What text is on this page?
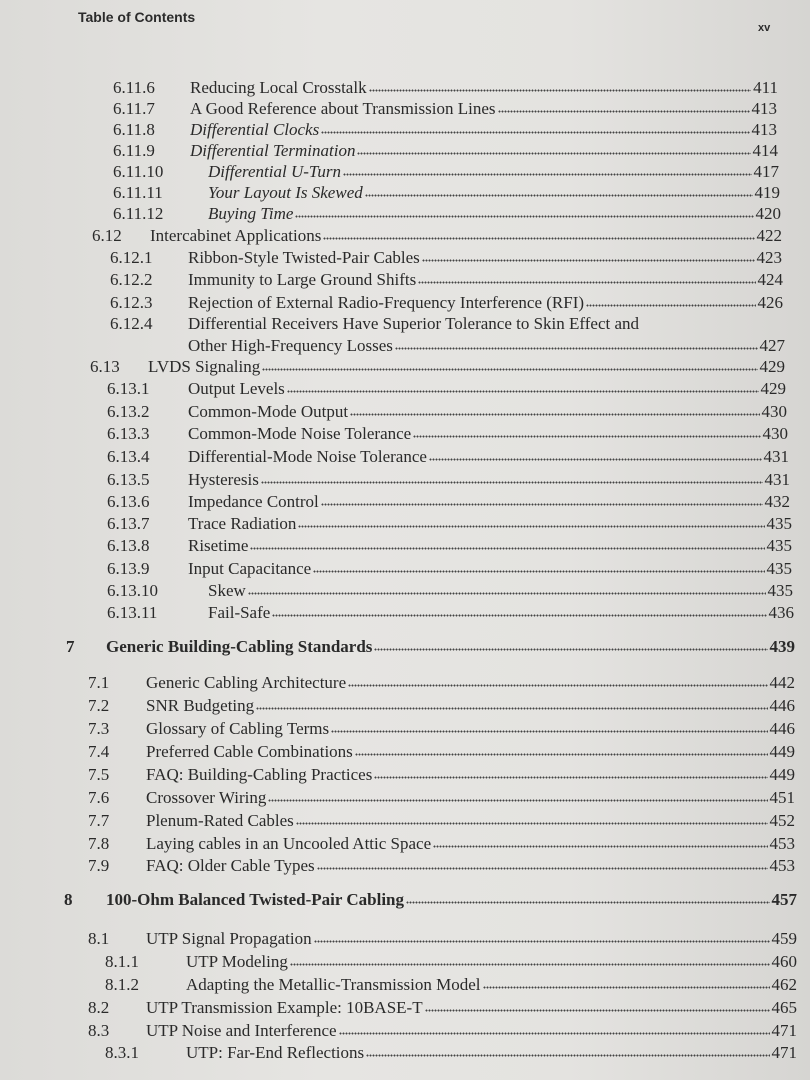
Table of Contents
xv
6.11.6 Reducing Local Crosstalk	411
6.11.7 A Good Reference about Transmission Lines	413
6.11.8 Differential Clocks	413
6.11.9 Differential Termination	414
6.11.10	Differential U-Turn	417
6.11.11	Your Layout Is Skewed	419
6.11.12	Buying Time	420
6.12 Intercabinet Applications	422
6.12.1 Ribbon-Style Twisted-Pair Cables	423
6.12.2 Immunity to Large Ground Shifts	424
6.12.3 Rejection of External Radio-Frequency Interference (RFI)	426
6.12.4 Differential Receivers Have Superior Tolerance to Skin Effect and
Other High-Frequency Losses	427
6.13 LVDS Signaling	429
6.13.1 Output Levels	429
6.13.2 Common-Mode Output	430
6.13.3 Common-Mode Noise Tolerance	430
6.13.4 Differential-Mode Noise Tolerance	431
6.13.5 Hysteresis	431
6.13.6 Impedance Control	432
6.13.7 Trace Radiation	435
6.13.8 Risetime	435
6.13.9 Input Capacitance	435
6.13.10	Skew	435
6.13.11	Fail-Safe	436
7 Generic Building-Cabling Standards	439
7.1 Generic Cabling Architecture	442
7.2 SNR Budgeting	446
7.3 Glossary of Cabling Terms	446
7.4 Preferred Cable Combinations	449
7.5 FAQ: Building-Cabling Practices	449
7.6 Crossover Wiring	451
7.7 Plenum-Rated Cables	452
7.8 Laying cables in an Uncooled Attic Space	453
7.9 FAQ: Older Cable Types	453
8 100-Ohm Balanced Twisted-Pair Cabling	457
8.1 UTP Signal Propagation	459
8.1.1	UTP Modeling	460
8.1.2	Adapting the Metallic-Transmission Model	462
8.2 UTP Transmission Example: 10BASE-T	465
8.3 UTP Noise and Interference	471
8.3.1	UTP: Far-End Reflections	471
